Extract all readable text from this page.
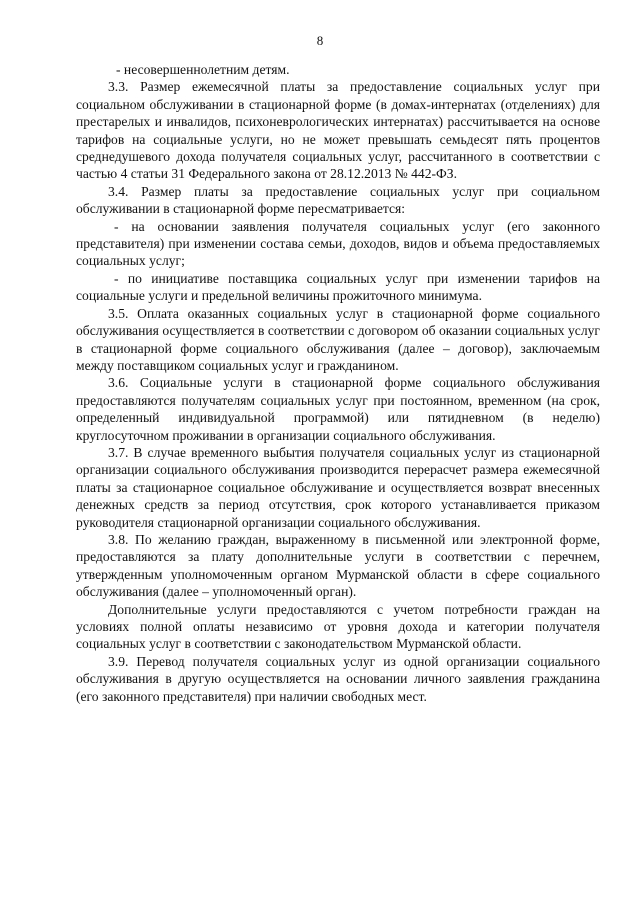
8

- несовершеннолетним детям.

3.3. Размер ежемесячной платы за предоставление социальных услуг при социальном обслуживании в стационарной форме (в домах-интернатах (отделениях) для престарелых и инвалидов, психоневрологических интернатах) рассчитывается на основе тарифов на социальные услуги, но не может превышать семьдесят пять процентов среднедушевого дохода получателя социальных услуг, рассчитанного в соответствии с частью 4 статьи 31 Федерального закона от 28.12.2013 № 442-ФЗ.

3.4. Размер платы за предоставление социальных услуг при социальном обслуживании в стационарной форме пересматривается:

- на основании заявления получателя социальных услуг (его законного представителя) при изменении состава семьи, доходов, видов и объема предоставляемых социальных услуг;

- по инициативе поставщика социальных услуг при изменении тарифов на социальные услуги и предельной величины прожиточного минимума.

3.5. Оплата оказанных социальных услуг в стационарной форме социального обслуживания осуществляется в соответствии с договором об оказании социальных услуг в стационарной форме социального обслуживания (далее – договор), заключаемым между поставщиком социальных услуг и гражданином.

3.6. Социальные услуги в стационарной форме социального обслуживания предоставляются получателям социальных услуг при постоянном, временном (на срок, определенный индивидуальной программой) или пятидневном (в неделю) круглосуточном проживании в организации социального обслуживания.

3.7. В случае временного выбытия получателя социальных услуг из стационарной организации социального обслуживания производится перерасчет размера ежемесячной платы за стационарное социальное обслуживание и осуществляется возврат внесенных денежных средств за период отсутствия, срок которого устанавливается приказом руководителя стационарной организации социального обслуживания.

3.8. По желанию граждан, выраженному в письменной или электронной форме, предоставляются за плату дополнительные услуги в соответствии с перечнем, утвержденным уполномоченным органом Мурманской области в сфере социального обслуживания (далее – уполномоченный орган).

Дополнительные услуги предоставляются с учетом потребности граждан на условиях полной оплаты независимо от уровня дохода и категории получателя социальных услуг в соответствии с законодательством Мурманской области.

3.9. Перевод получателя социальных услуг из одной организации социального обслуживания в другую осуществляется на основании личного заявления гражданина (его законного представителя) при наличии свободных мест.
